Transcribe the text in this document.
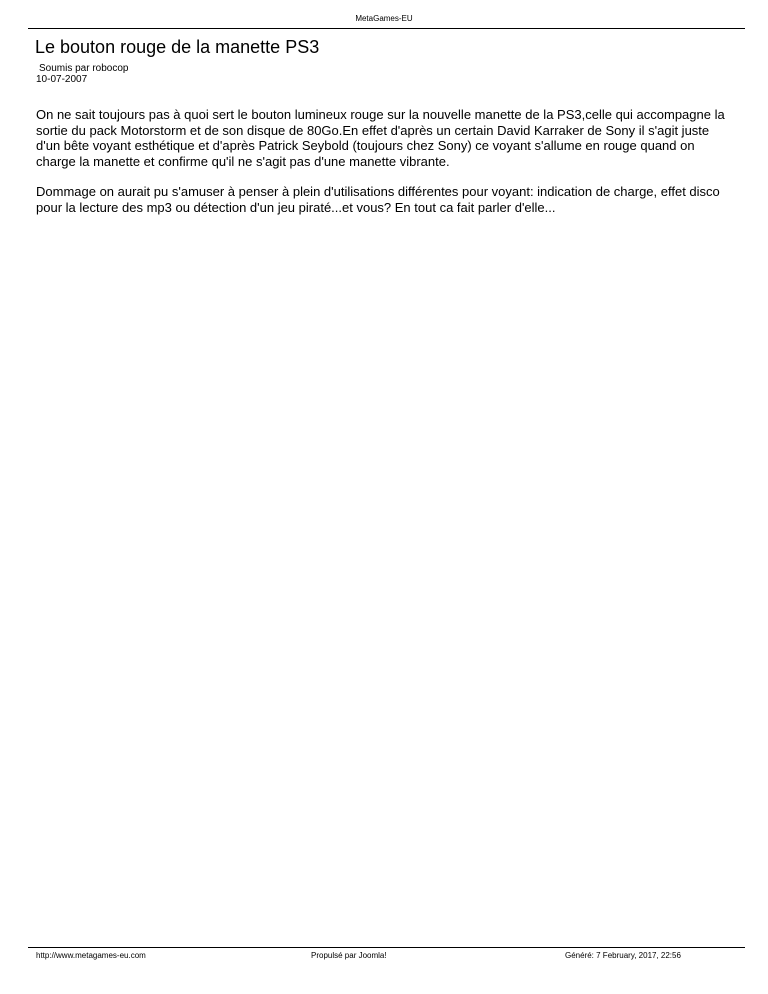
MetaGames-EU
Le bouton rouge de la manette PS3
Soumis par robocop
10-07-2007

On ne sait toujours pas à quoi sert le bouton lumineux rouge sur la nouvelle manette de la PS3,celle qui accompagne la sortie du pack Motorstorm et de son disque de 80Go.En effet d'après un certain David Karraker de Sony il s'agit juste d'un bête voyant esthétique et d'après Patrick Seybold (toujours chez Sony) ce voyant s'allume en rouge quand on charge la manette et confirme qu'il ne s'agit pas d'une manette vibrante.

Dommage on aurait pu s'amuser à penser à plein d'utilisations différentes pour voyant: indication de charge, effet disco pour la lecture des mp3 ou détection d'un jeu piraté...et vous? En tout ca fait parler d'elle...

http://www.metagames-eu.com	Propulsé par Joomla!	Généré: 7 February, 2017, 22:56
